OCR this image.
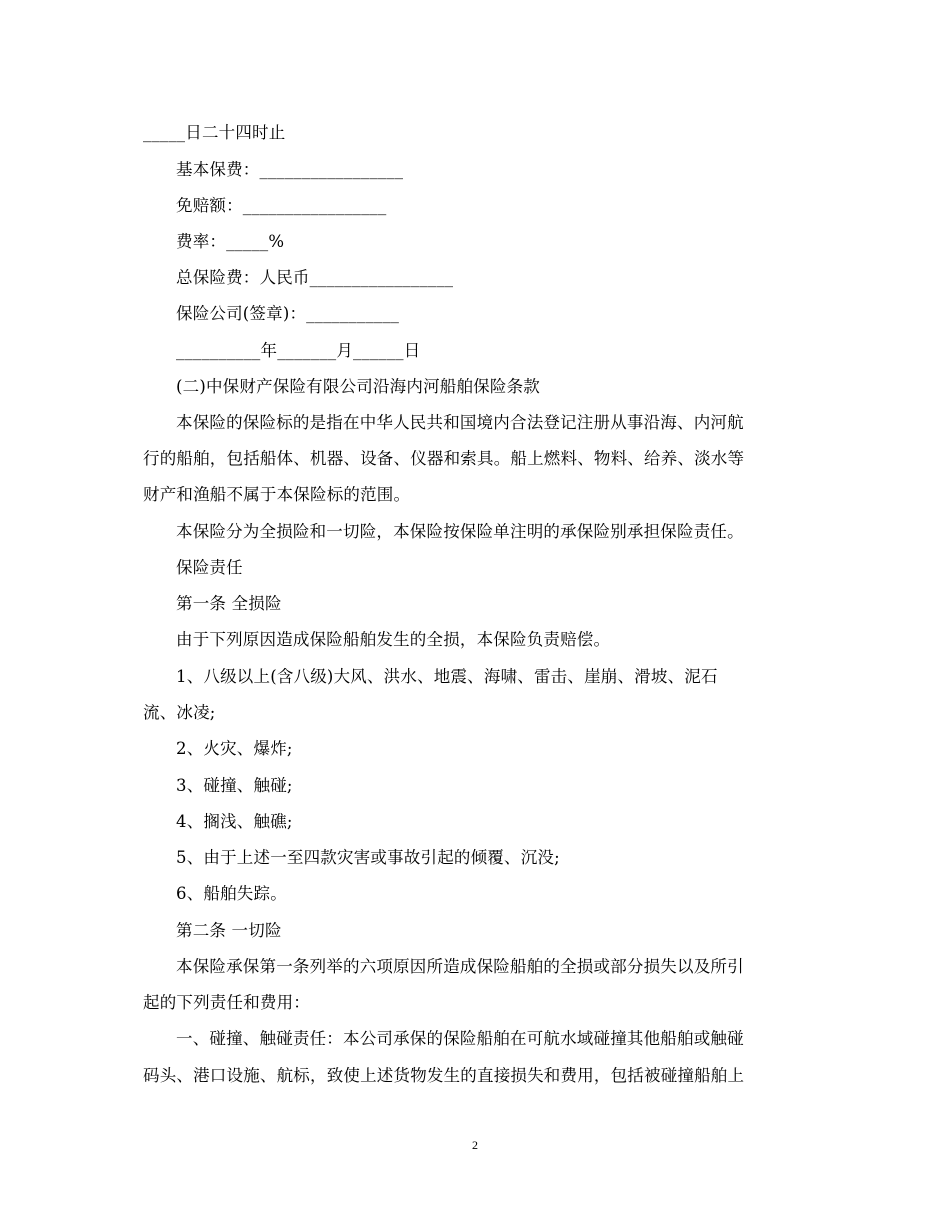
_____日二十四时止
基本保费：_________________
免赔额：_________________
费率：_____%
总保险费：人民币_________________
保险公司(签章)：___________
__________年_______月______日
(二)中保财产保险有限公司沿海内河船舶保险条款
本保险的保险标的是指在中华人民共和国境内合法登记注册从事沿海、内河航
行的船舶，包括船体、机器、设备、仪器和索具。船上燃料、物料、给养、淡水等
财产和渔船不属于本保险标的范围。
本保险分为全损险和一切险，本保险按保险单注明的承保险别承担保险责任。
保险责任
第一条 全损险
由于下列原因造成保险船舶发生的全损，本保险负责赔偿。
1、八级以上(含八级)大风、洪水、地震、海啸、雷击、崖崩、滑坡、泥石
流、冰凌;
2、火灾、爆炸;
3、碰撞、触碰;
4、搁浅、触礁;
5、由于上述一至四款灾害或事故引起的倾覆、沉没;
6、船舶失踪。
第二条 一切险
本保险承保第一条列举的六项原因所造成保险船舶的全损或部分损失以及所引
起的下列责任和费用：
一、碰撞、触碰责任：本公司承保的保险船舶在可航水域碰撞其他船舶或触碰
码头、港口设施、航标，致使上述货物发生的直接损失和费用，包括被碰撞船舶上
2
